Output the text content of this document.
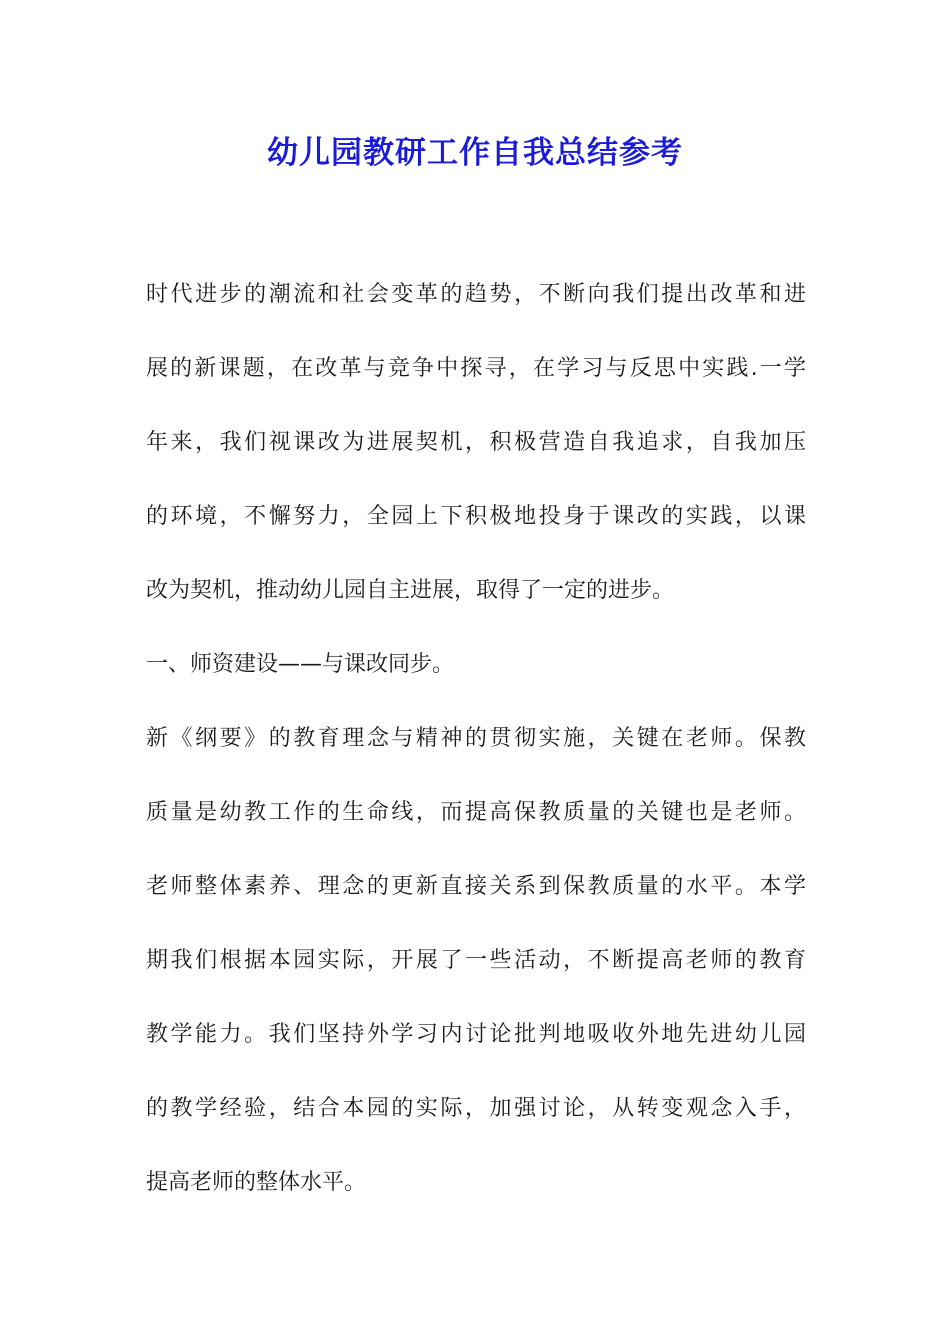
幼儿园教研工作自我总结参考
时代进步的潮流和社会变革的趋势，不断向我们提出改革和进
展的新课题，在改革与竞争中探寻，在学习与反思中实践.一学
年来，我们视课改为进展契机，积极营造自我追求，自我加压
的环境，不懈努力，全园上下积极地投身于课改的实践，以课
改为契机，推动幼儿园自主进展，取得了一定的进步。
一、师资建设——与课改同步。
新《纲要》的教育理念与精神的贯彻实施，关键在老师。保教
质量是幼教工作的生命线，而提高保教质量的关键也是老师。
老师整体素养、理念的更新直接关系到保教质量的水平。本学
期我们根据本园实际，开展了一些活动，不断提高老师的教育
教学能力。我们坚持外学习内讨论批判地吸收外地先进幼儿园
的教学经验，结合本园的实际，加强讨论，从转变观念入手，
提高老师的整体水平。
